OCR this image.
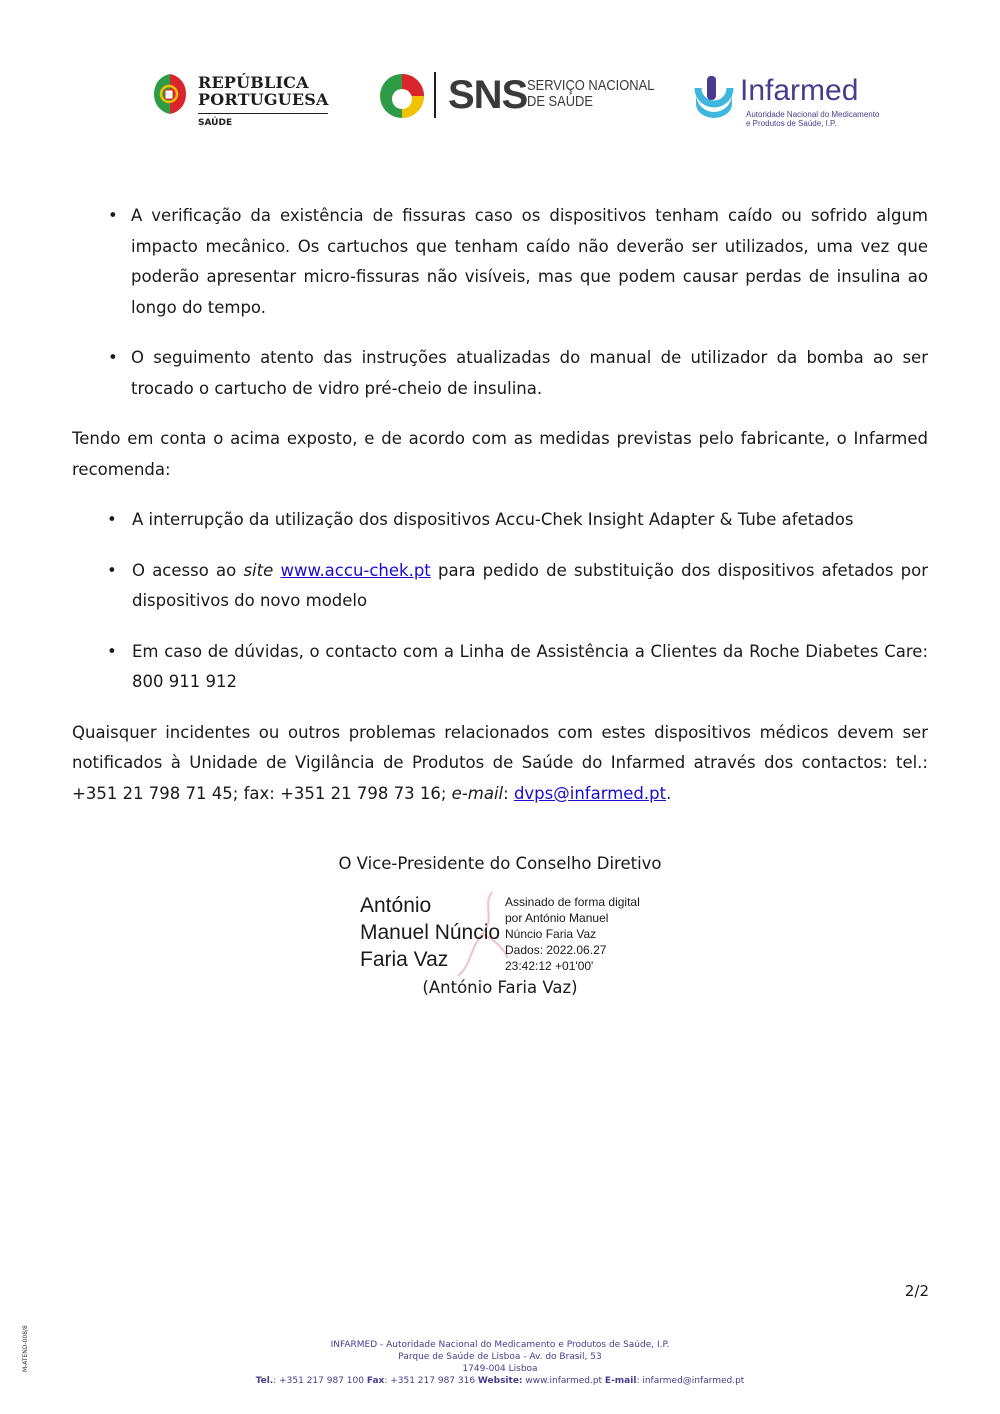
REPÚBLICA
PORTUGUESA
SAÚDE
SNS SERVIÇO NACIONAL
DE SAÚDE	Infarmed
Autoridade Nacional do Medicamento
e Produtos de Saúde, I.P.

• A verificação da existência de fissuras caso os dispositivos tenham caído ou sofrido algum impacto mecânico. Os cartuchos que tenham caído não deverão ser utilizados, uma vez que poderão apresentar micro-fissuras não visíveis, mas que podem causar perdas de insulina ao longo do tempo.

• O seguimento atento das instruções atualizadas do manual de utilizador da bomba ao ser trocado o cartucho de vidro pré-cheio de insulina.

Tendo em conta o acima exposto, e de acordo com as medidas previstas pelo fabricante, o Infarmed recomenda:

• A interrupção da utilização dos dispositivos Accu-Chek Insight Adapter & Tube afetados

• O acesso ao site www.accu-chek.pt para pedido de substituição dos dispositivos afetados por dispositivos do novo modelo

• Em caso de dúvidas, o contacto com a Linha de Assistência a Clientes da Roche Diabetes Care: 800 911 912

Quaisquer incidentes ou outros problemas relacionados com estes dispositivos médicos devem ser notificados à Unidade de Vigilância de Produtos de Saúde do Infarmed através dos contactos: tel.: +351 21 798 71 45; fax: +351 21 798 73 16; e-mail: dvps@infarmed.pt.

O Vice-Presidente do Conselho Diretivo
António
Manuel Núncio
Faria Vaz
Assinado de forma digital
por António Manuel
Núncio Faria Vaz
Dados: 2022.06.27
23:42:12 +01'00'
(António Faria Vaz)
2/2
M-ATEND-008/8	INFARMED - Autoridade Nacional do Medicamento e Produtos de Saúde, I.P.
Parque de Saúde de Lisboa - Av. do Brasil, 53
1749-004 Lisboa
Tel.: +351 217 987 100 Fax: +351 217 987 316 Website: www.infarmed.pt E-mail: infarmed@infarmed.pt
